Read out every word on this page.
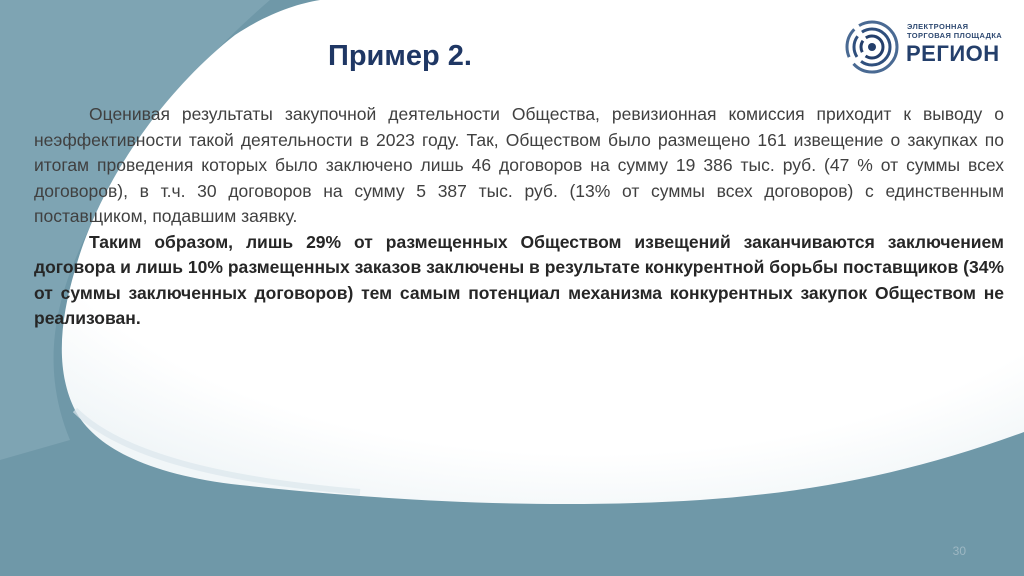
Пример 2.
ЭЛЕКТРОННАЯ
ТОРГОВАЯ ПЛОЩАДКА
РЕГИОН

Оценивая результаты закупочной деятельности Общества, ревизионная комиссия приходит к выводу о неэффективности такой деятельности в 2023 году. Так, Обществом было размещено 161 извещение о закупках по итогам проведения которых было заключено лишь 46 договоров на сумму 19 386 тыс. руб. (47 % от суммы всех договоров), в т.ч. 30 договоров на сумму 5 387 тыс. руб. (13% от суммы всех договоров) с единственным поставщиком, подавшим заявку.

Таким образом, лишь 29% от размещенных Обществом извещений заканчиваются заключением договора и лишь 10% размещенных заказов заключены в результате конкурентной борьбы поставщиков (34% от суммы заключенных договоров) тем самым потенциал механизма конкурентных закупок Обществом не реализован.

30
